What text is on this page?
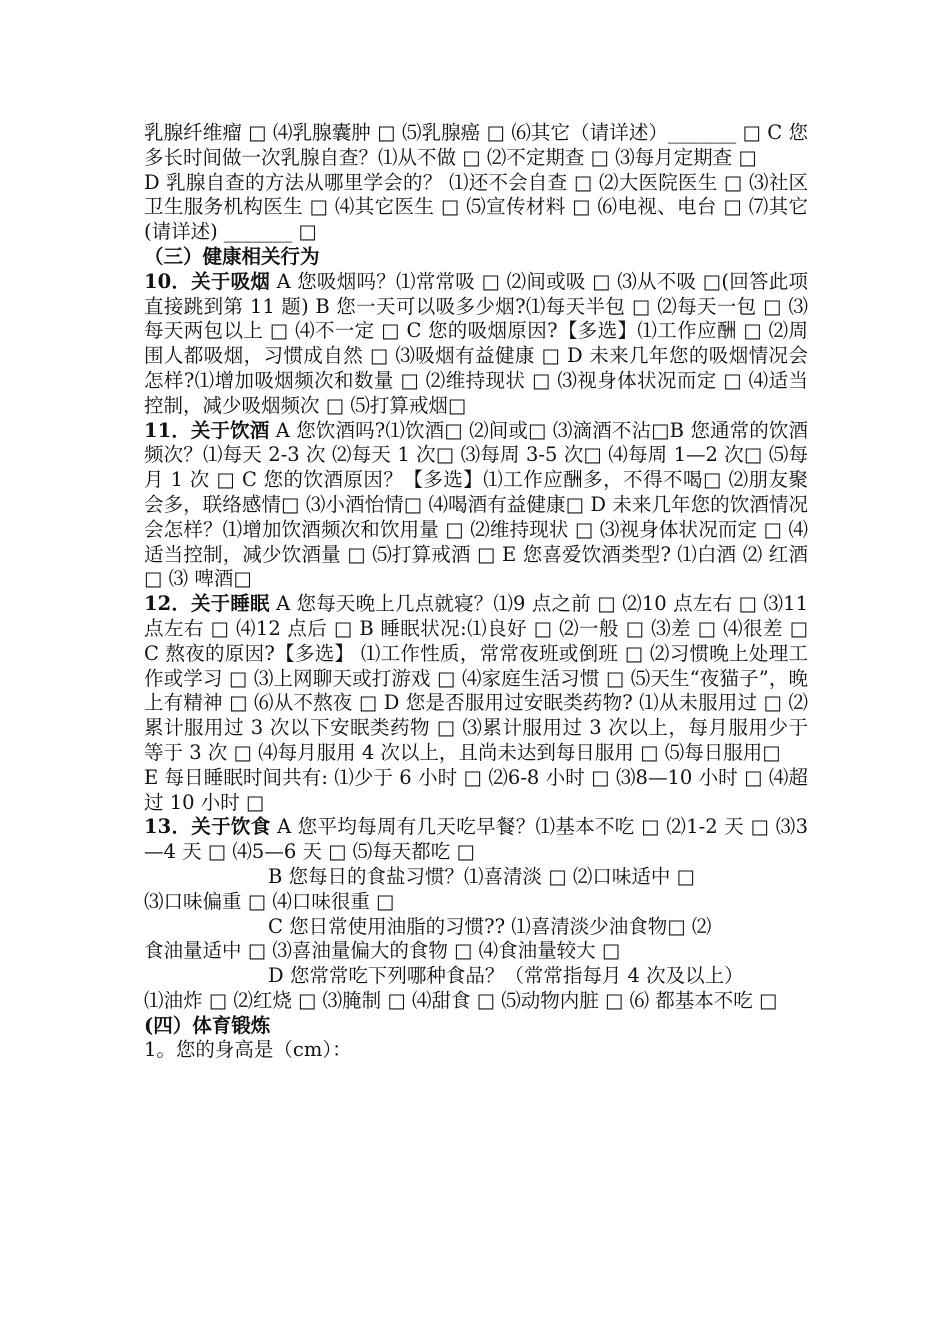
乳腺纤维瘤 □ ⑷乳腺囊肿 □ ⑸乳腺癌 □ ⑹其它（请详述）_______ □ C 您多长时间做一次乳腺自查？⑴从不做 □ ⑵不定期查 □ ⑶每月定期查 □

D 乳腺自查的方法从哪里学会的？ ⑴还不会自查 □ ⑵大医院医生 □ ⑶社区卫生服务机构医生 □ ⑷其它医生 □ ⑸宣传材料 □ ⑹电视、电台 □ ⑺其它(请详述) _______ □

（三）健康相关行为

10．关于吸烟 A 您吸烟吗？⑴常常吸 □ ⑵间或吸 □ ⑶从不吸 □(回答此项直接跳到第 11 题) B 您一天可以吸多少烟?⑴每天半包 □ ⑵每天一包 □ ⑶每天两包以上 □ ⑷不一定 □ C 您的吸烟原因?【多选】⑴工作应酬 □ ⑵周围人都吸烟，习惯成自然 □ ⑶吸烟有益健康 □ D 未来几年您的吸烟情况会怎样?⑴增加吸烟频次和数量 □ ⑵维持现状 □ ⑶视身体状况而定 □ ⑷适当控制，减少吸烟频次 □ ⑸打算戒烟□

11．关于饮酒 A 您饮酒吗?⑴饮酒□ ⑵间或□ ⑶滴酒不沾□B 您通常的饮酒频次？⑴每天 2-3 次 ⑵每天 1 次□ ⑶每周 3-5 次□ ⑷每周 1—2 次□ ⑸每月 1 次 □ C 您的饮酒原因？【多选】⑴工作应酬多，不得不喝□ ⑵朋友聚会多，联络感情□ ⑶小酒怡情□ ⑷喝酒有益健康□ D 未来几年您的饮酒情况会怎样？⑴增加饮酒频次和饮用量 □ ⑵维持现状 □ ⑶视身体状况而定 □ ⑷适当控制，减少饮酒量 □ ⑸打算戒酒 □ E 您喜爱饮酒类型? ⑴白酒 ⑵ 红酒 □ ⑶ 啤酒□

12．关于睡眠 A 您每天晚上几点就寝？⑴9 点之前 □ ⑵10 点左右 □ ⑶11 点左右 □ ⑷12 点后 □ B 睡眠状况:⑴良好 □ ⑵一般 □ ⑶差 □ ⑷很差 □ C 熬夜的原因?【多选】 ⑴工作性质，常常夜班或倒班 □ ⑵习惯晚上处理工作或学习 □ ⑶上网聊天或打游戏 □ ⑷家庭生活习惯 □ ⑸天生“夜猫子”，晚上有精神 □ ⑹从不熬夜 □ D 您是否服用过安眠类药物? ⑴从未服用过 □ ⑵累计服用过 3 次以下安眠类药物 □ ⑶累计服用过 3 次以上，每月服用少于等于 3 次 □ ⑷每月服用 4 次以上，且尚未达到每日服用 □ ⑸每日服用□

E 每日睡眠时间共有: ⑴少于 6 小时 □ ⑵6-8 小时 □ ⑶8—10 小时 □ ⑷超过 10 小时 □

13．关于饮食 A 您平均每周有几天吃早餐？⑴基本不吃 □ ⑵1-2 天 □ ⑶3—4 天 □ ⑷5—6 天 □ ⑸每天都吃 □

B 您每日的食盐习惯？⑴喜清淡 □ ⑵口味适中 □

⑶口味偏重 □ ⑷口味很重 □

C 您日常使用油脂的习惯?? ⑴喜清淡少油食物□ ⑵

食油量适中 □ ⑶喜油量偏大的食物 □ ⑷食油量较大 □

D 您常常吃下列哪种食品？（常常指每月 4 次及以上）

⑴油炸 □ ⑵红烧 □ ⑶腌制 □ ⑷甜食 □ ⑸动物内脏 □ ⑹ 都基本不吃 □

(四）体育锻炼

1。您的身高是（cm）：
